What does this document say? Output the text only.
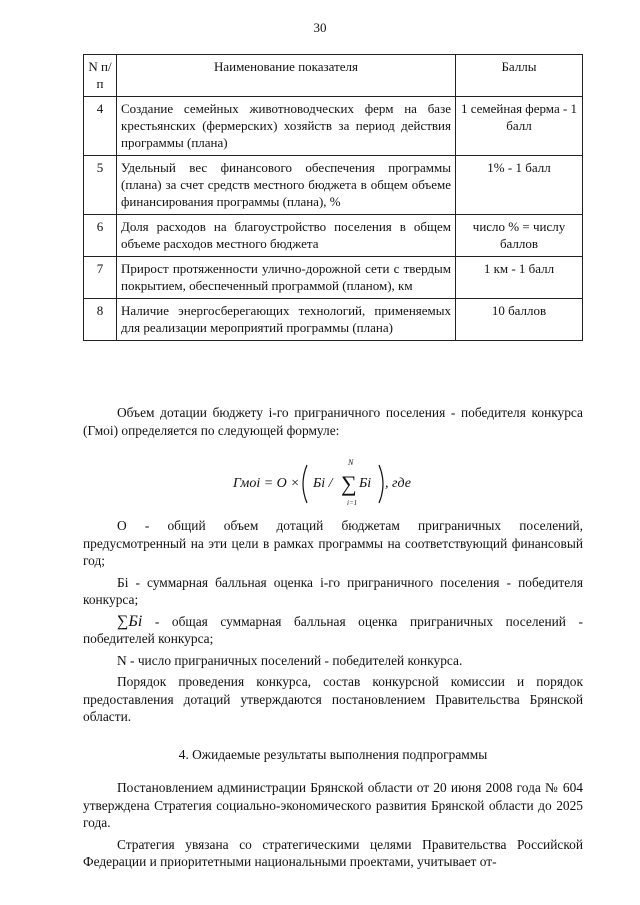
30
N п/п	Наименование показателя	Баллы
4	Создание семейных животноводческих ферм на базе крестьянских (фермерских) хозяйств за период действия программы (плана)	1 семейная ферма - 1 балл
5	Удельный вес финансового обеспечения программы (плана) за счет средств местного бюджета в общем объеме финансирования программы (плана), %	1% - 1 балл
6	Доля расходов на благоустройство поселения в общем объеме расходов местного бюджета	число % = числу баллов
7	Прирост протяженности улично-дорожной сети с твердым покрытием, обеспеченный программой (планом), км	1 км - 1 балл
8	Наличие энергосберегающих технологий, применяемых для реализации мероприятий программы (плана)	10 баллов

Объем дотации бюджету i-го приграничного поселения - победителя конкурса (Гмоi) определяется по следующей формуле:

Гмоi = О × Бi /
N
∑
i=1
Бi , где

О - общий объем дотаций бюджетам приграничных поселений, предусмотренный на эти цели в рамках программы на соответствующий финансовый год;

Бi - суммарная балльная оценка i-го приграничного поселения - победителя конкурса;

∑Бi - общая суммарная балльная оценка приграничных поселений - победителей конкурса;

N - число приграничных поселений - победителей конкурса.

Порядок проведения конкурса, состав конкурсной комиссии и порядок предоставления дотаций утверждаются постановлением Правительства Брянской области.

4. Ожидаемые результаты выполнения подпрограммы

Постановлением администрации Брянской области от 20 июня 2008 года № 604 утверждена Стратегия социально-экономического развития Брянской области до 2025 года.

Стратегия увязана со стратегическими целями Правительства Российской Федерации и приоритетными национальными проектами, учитывает от-
